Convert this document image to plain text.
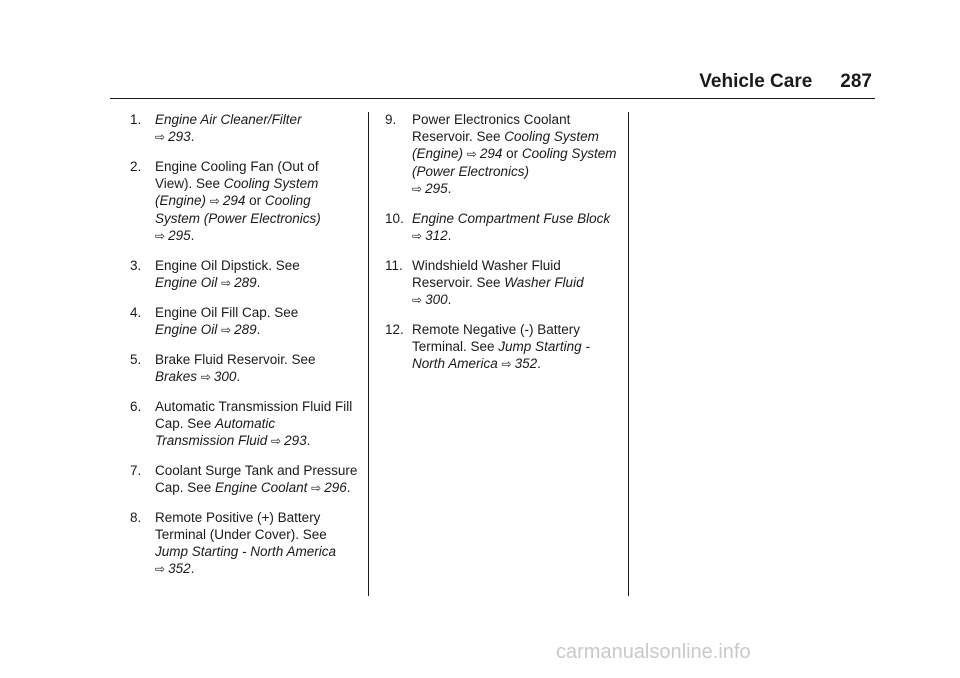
Vehicle Care 287
1. Engine Air Cleaner/Filter
⇨ 293.
2. Engine Cooling Fan (Out of View). See Cooling System (Engine) ⇨ 294 or Cooling System (Power Electronics)
⇨ 295.
3. Engine Oil Dipstick. See
Engine Oil ⇨ 289.
4. Engine Oil Fill Cap. See
Engine Oil ⇨ 289.
5. Brake Fluid Reservoir. See
Brakes ⇨ 300.
6. Automatic Transmission Fluid Fill Cap. See Automatic Transmission Fluid ⇨ 293.
7. Coolant Surge Tank and Pressure Cap. See Engine Coolant ⇨ 296.
8. Remote Positive (+) Battery Terminal (Under Cover). See Jump Starting - North America
⇨ 352.
9. Power Electronics Coolant Reservoir. See Cooling System (Engine) ⇨ 294 or Cooling System (Power Electronics)
⇨ 295.
10. Engine Compartment Fuse Block ⇨ 312.
11. Windshield Washer Fluid Reservoir. See Washer Fluid
⇨ 300.
12. Remote Negative (-) Battery Terminal. See Jump Starting - North America ⇨ 352.
carmanualsonline.info
